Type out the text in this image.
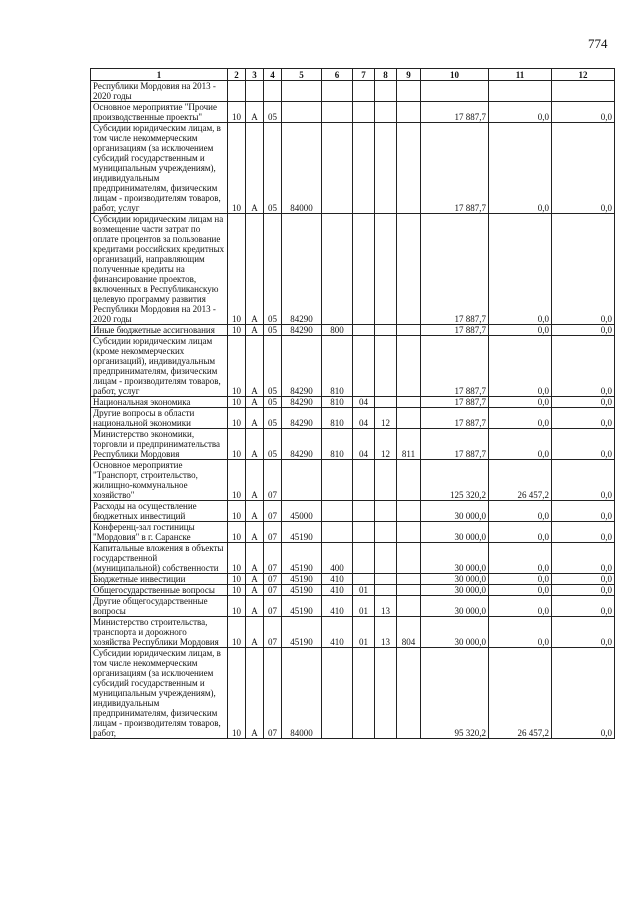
774
1	2	3	4	5	6	7	8	9	10	11	12
Республики Мордовия на 2013 - 2020 годы											
Основное мероприятие "Прочие производственные проекты"	10	А	05						17 887,7	0,0	0,0
Субсидии юридическим лицам, в том числе некоммерческим организациям (за исключением субсидий государственным и муниципальным учреждениям), индивидуальным предпринимателям, физическим лицам - производителям товаров, работ, услуг	10	А	05	84000					17 887,7	0,0	0,0
Субсидии юридическим лицам на возмещение части затрат по оплате процентов за пользование кредитами российских кредитных организаций, направляющим полученные кредиты на финансирование проектов, включенных в Республиканскую целевую программу развития Республики Мордовия на 2013 - 2020 годы	10	А	05	84290					17 887,7	0,0	0,0
Иные бюджетные ассигнования	10	А	05	84290	800				17 887,7	0,0	0,0
Субсидии юридическим лицам (кроме некоммерческих организаций), индивидуальным предпринимателям, физическим лицам - производителям товаров, работ, услуг	10	А	05	84290	810				17 887,7	0,0	0,0
Национальная экономика	10	А	05	84290	810	04			17 887,7	0,0	0,0
Другие вопросы в области национальной экономики	10	А	05	84290	810	04	12		17 887,7	0,0	0,0
Министерство экономики, торговли и предпринимательства Республики Мордовия	10	А	05	84290	810	04	12	811	17 887,7	0,0	0,0
Основное мероприятие "Транспорт, строительство, жилищно-коммунальное хозяйство"	10	А	07						125 320,2	26 457,2	0,0
Расходы на осуществление бюджетных инвестиций	10	А	07	45000					30 000,0	0,0	0,0
Конференц-зал гостиницы "Мордовия" в г. Саранске	10	А	07	45190					30 000,0	0,0	0,0
Капитальные вложения в объекты государственной (муниципальной) собственности	10	А	07	45190	400				30 000,0	0,0	0,0
Бюджетные инвестиции	10	А	07	45190	410				30 000,0	0,0	0,0
Общегосударственные вопросы	10	А	07	45190	410	01			30 000,0	0,0	0,0
Другие общегосударственные вопросы	10	А	07	45190	410	01	13		30 000,0	0,0	0,0
Министерство строительства, транспорта и дорожного хозяйства Республики Мордовия	10	А	07	45190	410	01	13	804	30 000,0	0,0	0,0
Субсидии юридическим лицам, в том числе некоммерческим организациям (за исключением субсидий государственным и муниципальным учреждениям), индивидуальным предпринимателям, физическим лицам - производителям товаров, работ,	10	А	07	84000					95 320,2	26 457,2	0,0
